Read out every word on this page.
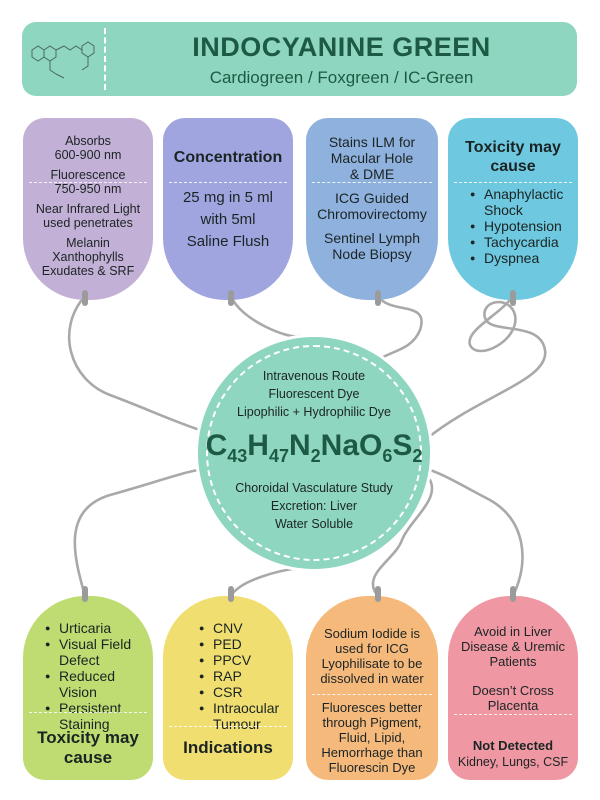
INDOCYANINE GREEN
Cardiogreen / Foxgreen / IC-Green
Absorbs
600-900 nm
Fluorescence
750-950 nm
Near Infrared Light
used penetrates
Melanin
Xanthophylls
Exudates & SRF
Concentration
25 mg in 5 ml
with 5ml
Saline Flush
Stains ILM for
Macular Hole
& DME
ICG Guided
Chromovirectomy
Sentinel Lymph
Node Biopsy
Toxicity may
cause
● Anaphylactic Shock
● Hypotension
● Tachycardia
● Dyspnea
Intravenous Route
Fluorescent Dye
Lipophilic + Hydrophilic Dye
$C_{43}H_{47}N_2NaO_6S_2$
Choroidal Vasculature Study
Excretion: Liver
Water Soluble
● Urticaria
● Visual Field Defect
● Reduced Vision
● Persistent Staining
Toxicity may
cause
● CNV
● PED
● PPCV
● RAP
● CSR
● Intraocular Tumour
Indications
Sodium Iodide is
used for ICG
Lyophilisate to be
dissolved in water
Fluoresces better
through Pigment,
Fluid, Lipid,
Hemorrhage than
Fluorescin Dye
Avoid in Liver
Disease & Uremic
Patients
Doesn’t Cross
Placenta
Not Detected
Kidney, Lungs, CSF
